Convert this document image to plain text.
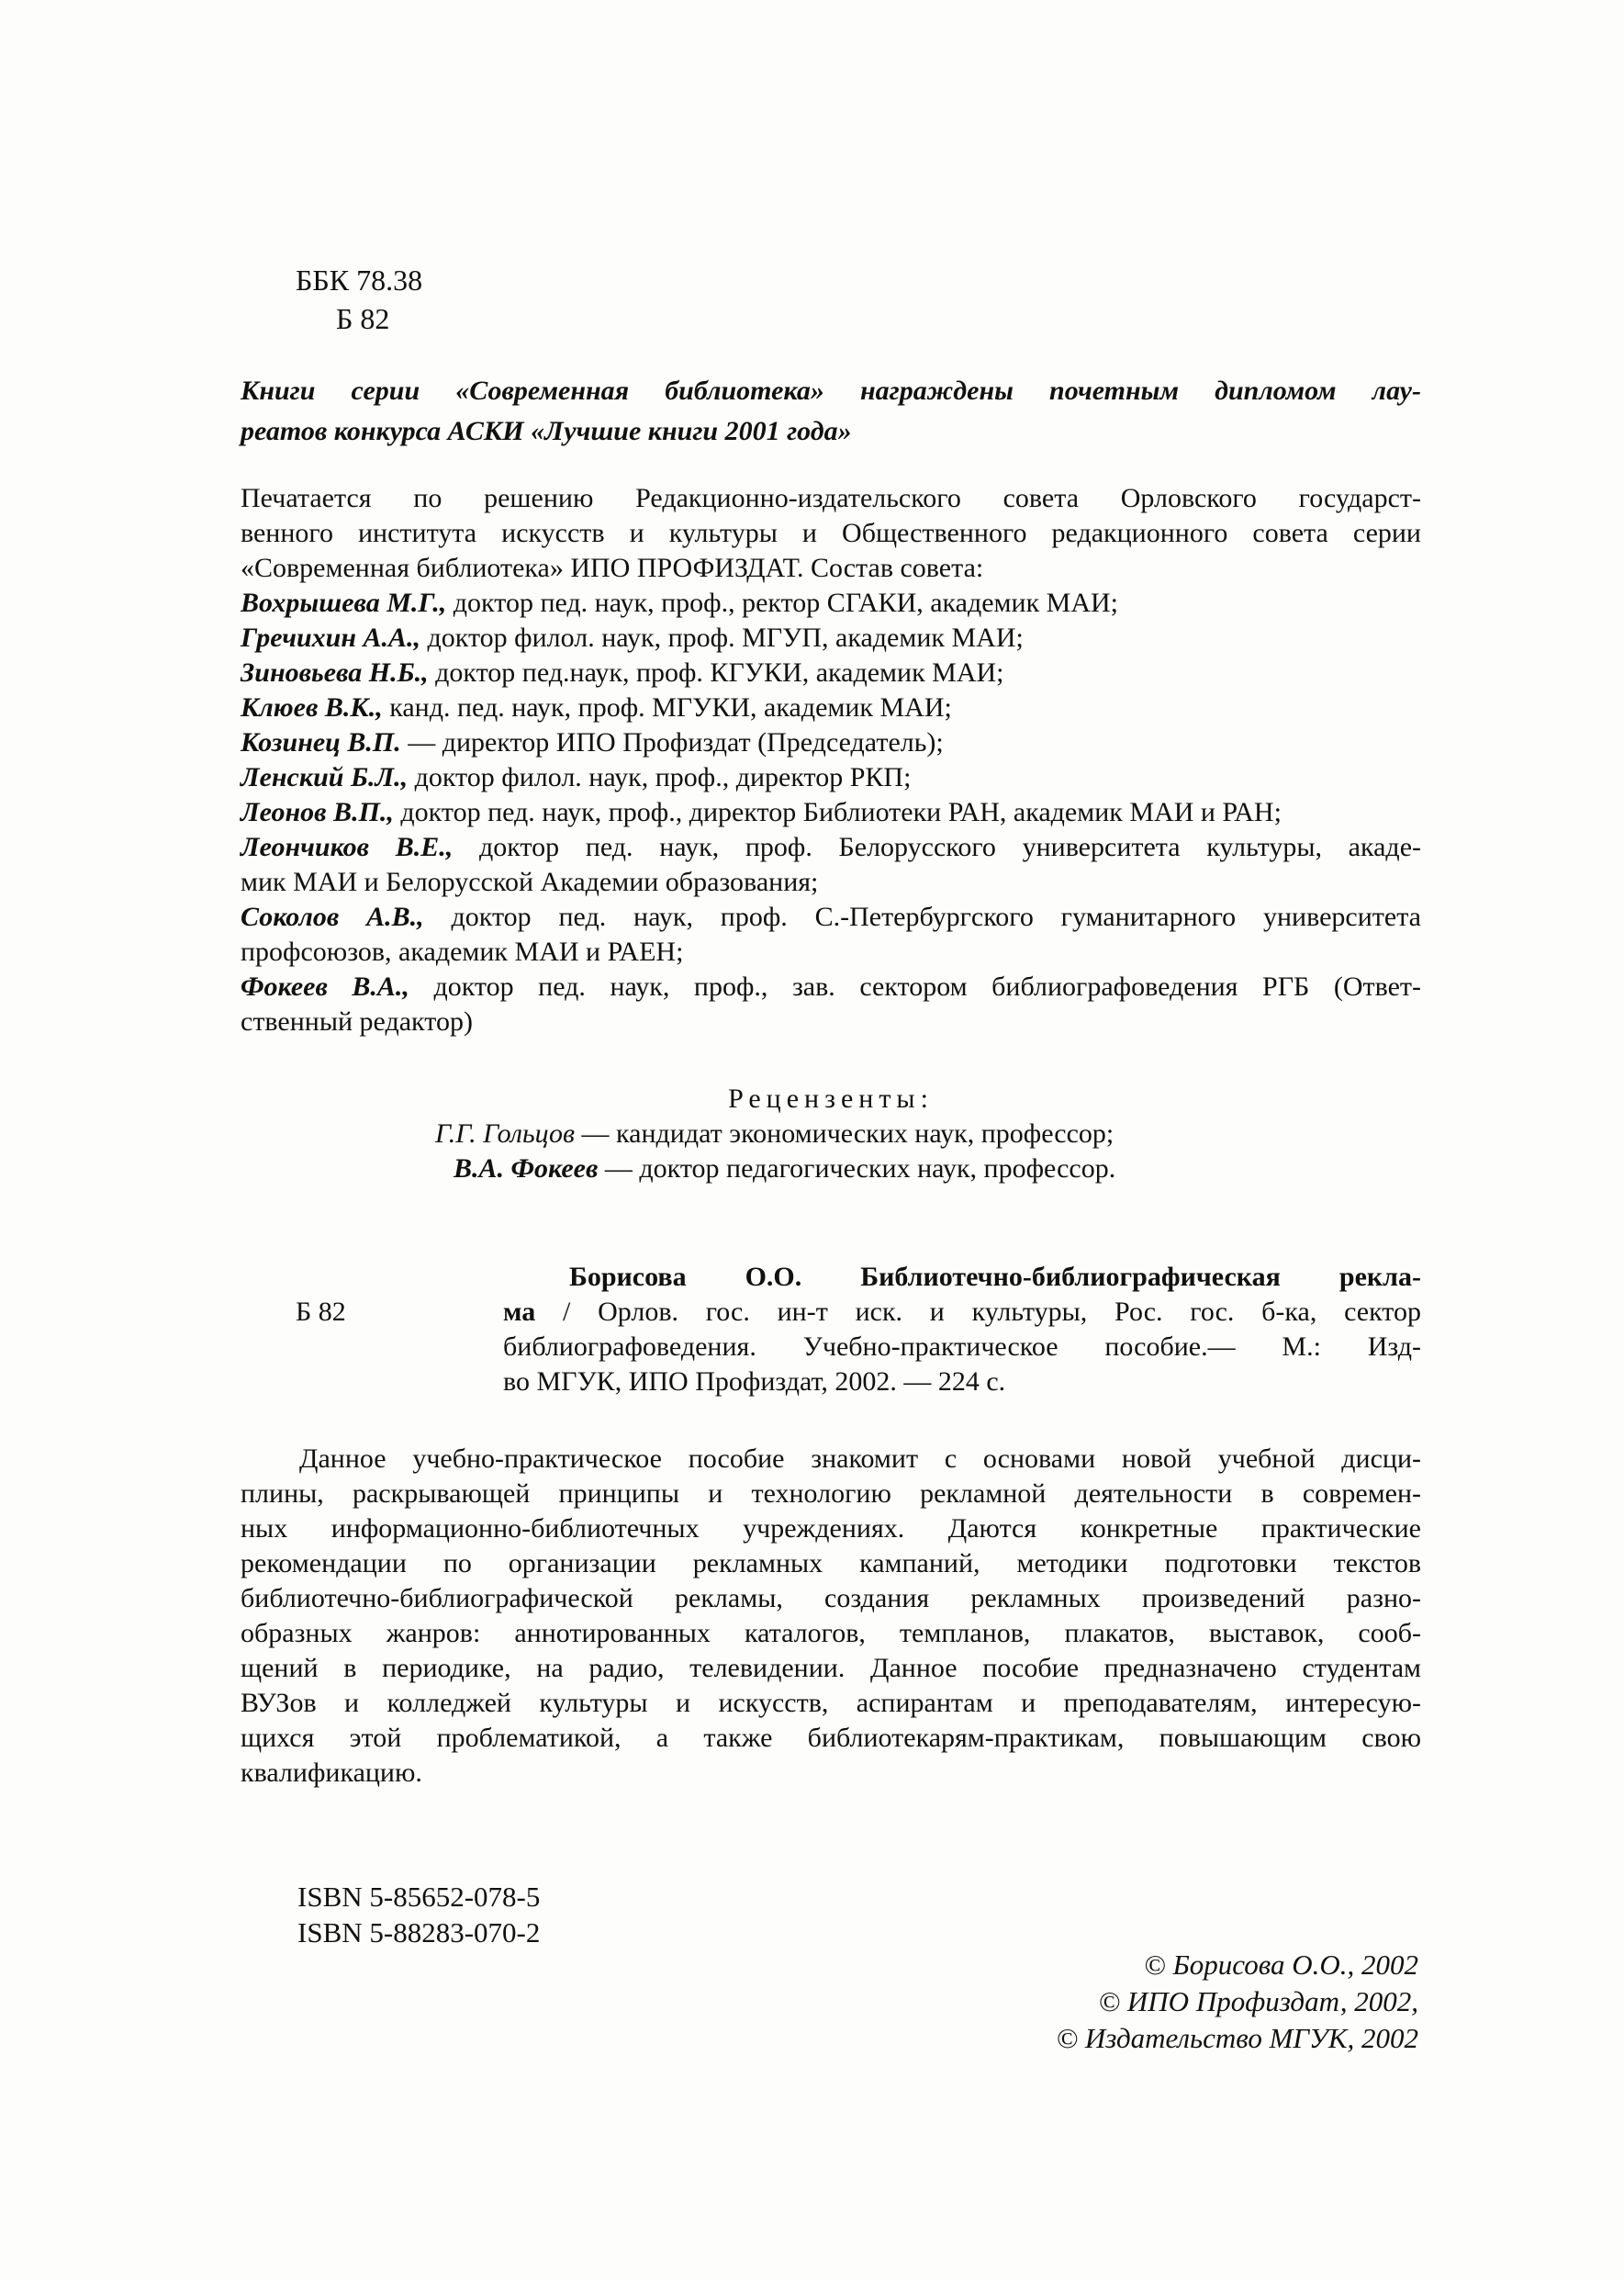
ББК 78.38
Б 82
Книги серии «Современная библиотека» награждены почетным дипломом лау-
реатов конкурса АСКИ «Лучшие книги 2001 года»
Печатается по решению Редакционно-издательского совета Орловского государст-
венного института искусств и культуры и Общественного редакционного совета серии
«Современная библиотека» ИПО ПРОФИЗДАТ. Состав совета:
Вохрышева М.Г., доктор пед. наук, проф., ректор СГАКИ, академик МАИ;
Гречихин А.А., доктор филол. наук, проф. МГУП, академик МАИ;
Зиновьева Н.Б., доктор пед.наук, проф. КГУКИ, академик МАИ;
Клюев В.К., канд. пед. наук, проф. МГУКИ, академик МАИ;
Козинец В.П. — директор ИПО Профиздат (Председатель);
Ленский Б.Л., доктор филол. наук, проф., директор РКП;
Леонов В.П., доктор пед. наук, проф., директор Библиотеки РАН, академик МАИ и РАН;
Леончиков В.Е., доктор пед. наук, проф. Белорусского университета культуры, акаде-
мик МАИ и Белорусской Академии образования;
Соколов А.В., доктор пед. наук, проф. С.-Петербургского гуманитарного университета
профсоюзов, академик МАИ и РАЕН;
Фокеев В.А., доктор пед. наук, проф., зав. сектором библиографоведения РГБ (Ответ-
ственный редактор)
Рецензенты:
Г.Г. Гольцов — кандидат экономических наук, профессор;
В.А. Фокеев — доктор педагогических наук, профессор.
Б 82
Борисова О.О. Библиотечно-библиографическая рекла-
ма / Орлов. гос. ин-т иск. и культуры, Рос. гос. б-ка, сектор
библиографоведения. Учебно-практическое пособие.— М.: Изд-
во МГУК, ИПО Профиздат, 2002. — 224 с.
Данное учебно-практическое пособие знакомит с основами новой учебной дисци-
плины, раскрывающей принципы и технологию рекламной деятельности в современ-
ных информационно-библиотечных учреждениях. Даются конкретные практические
рекомендации по организации рекламных кампаний, методики подготовки текстов
библиотечно-библиографической рекламы, создания рекламных произведений разно-
образных жанров: аннотированных каталогов, темпланов, плакатов, выставок, сооб-
щений в периодике, на радио, телевидении. Данное пособие предназначено студентам
ВУЗов и колледжей культуры и искусств, аспирантам и преподавателям, интересую-
щихся этой проблематикой, а также библиотекарям-практикам, повышающим свою
квалификацию.
ISBN 5-85652-078-5
ISBN 5-88283-070-2
© Борисова О.О., 2002
© ИПО Профиздат, 2002,
© Издательство МГУК, 2002
